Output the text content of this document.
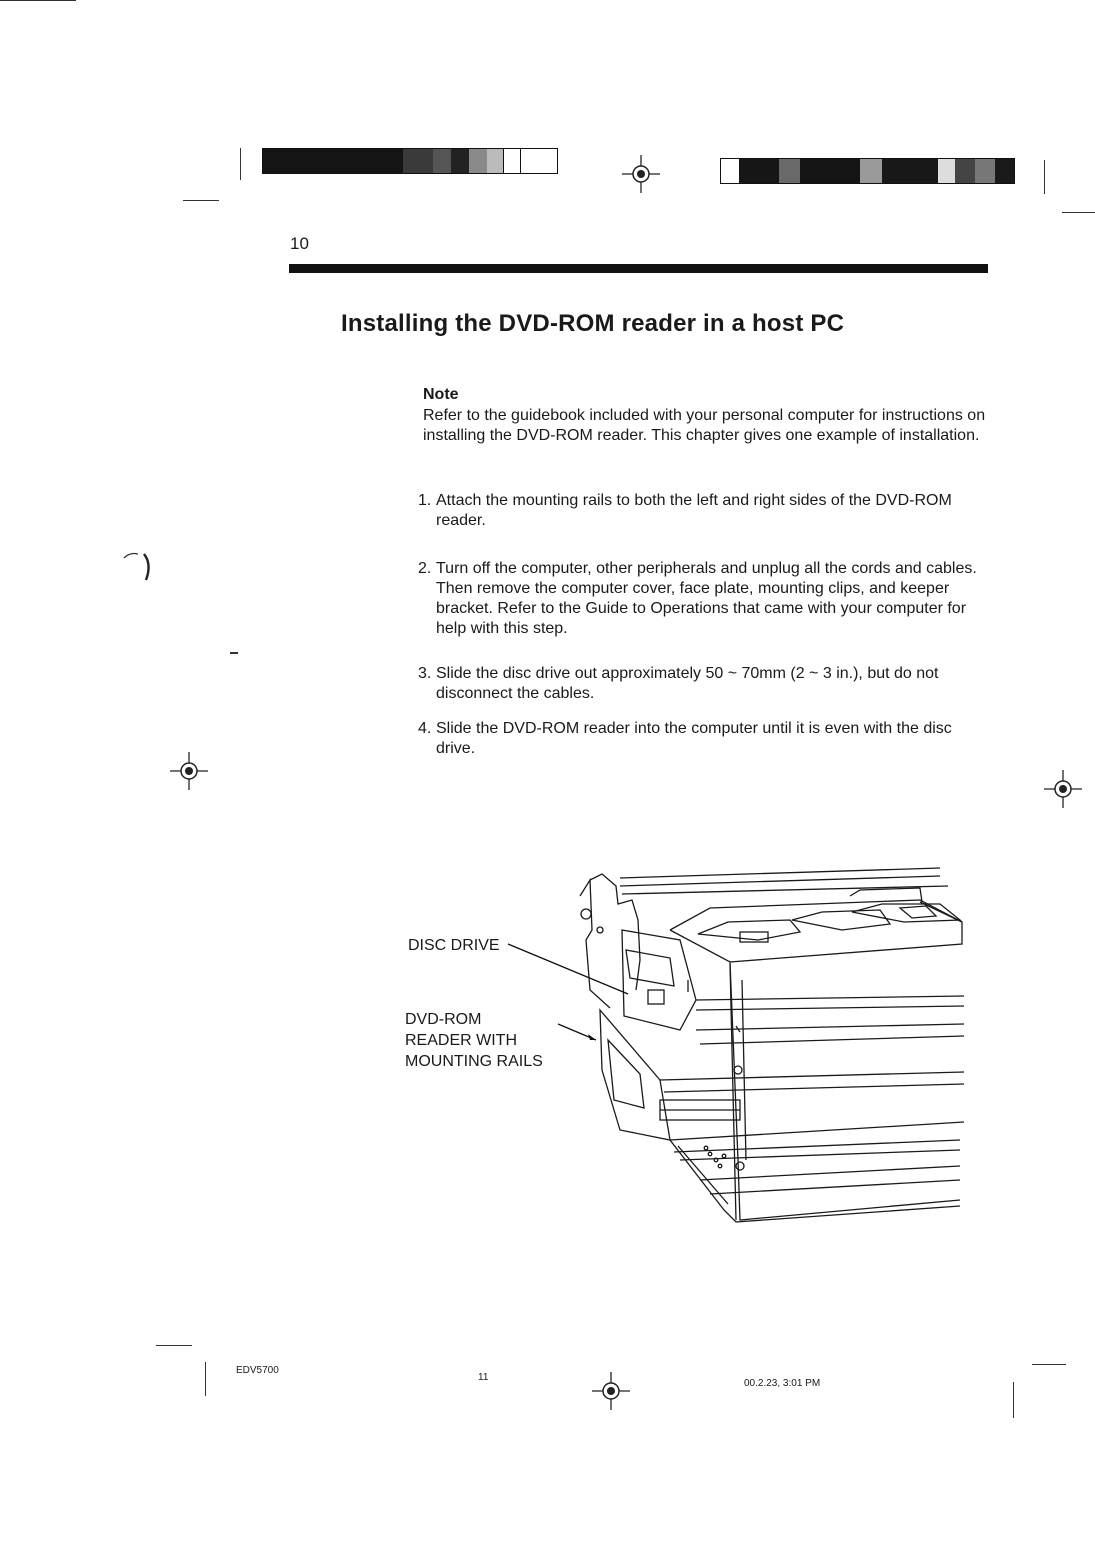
10
Installing the DVD-ROM reader in a host PC
Note
Refer to the guidebook included with your personal computer for instructions on installing the DVD-ROM reader. This chapter gives one example of installation.
1. Attach the mounting rails to both the left and right sides of the DVD-ROM reader.
2. Turn off the computer, other peripherals and unplug all the cords and cables. Then remove the computer cover, face plate, mounting clips, and keeper bracket. Refer to the Guide to Operations that came with your computer for help with this step.
3. Slide the disc drive out approximately 50 ~ 70mm (2 ~ 3 in.), but do not disconnect the cables.
4. Slide the DVD-ROM reader into the computer until it is even with the disc drive.
DISC DRIVE
DVD-ROM
READER WITH
MOUNTING RAILS
EDV5700
11
00.2.23, 3:01 PM
